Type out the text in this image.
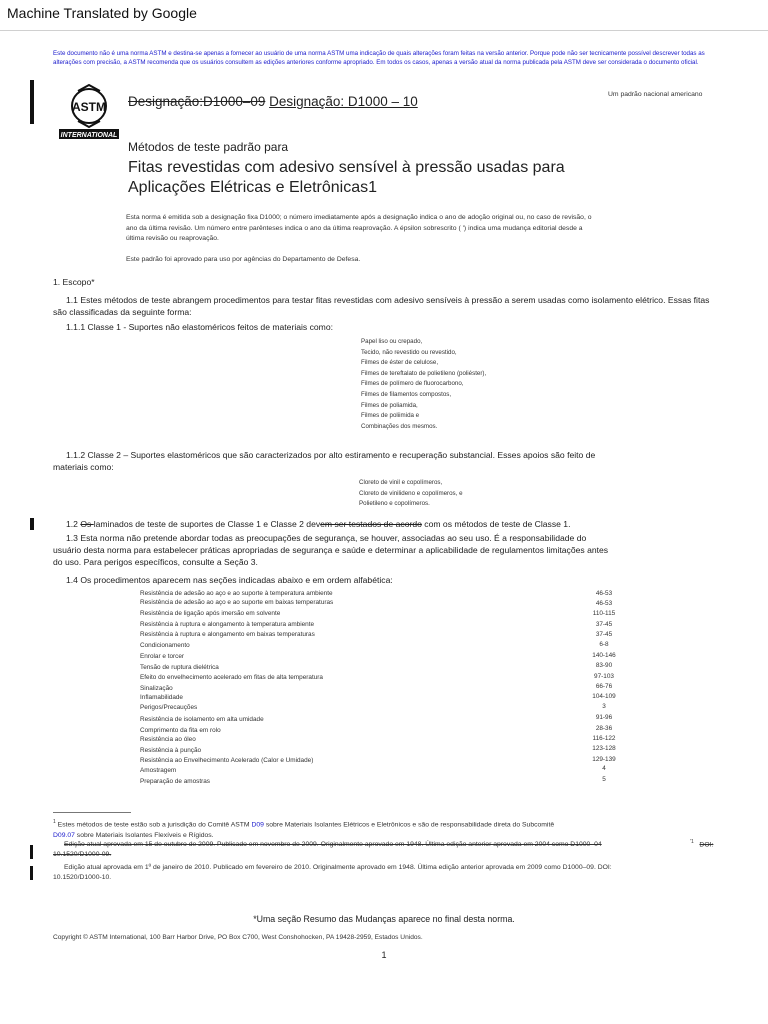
Machine Translated by Google
Este documento não é uma norma ASTM e destina-se apenas a fornecer ao usuário de uma norma ASTM uma indicação de quais alterações foram feitas na versão anterior. Porque pode não ser tecnicamente possível descrever todas as alterações com precisão, a ASTM recomenda que os usuários consultem as edições anteriores conforme apropriado. Em todos os casos, apenas a versão atual da norma publicada pela ASTM deve ser considerada o documento oficial.
ASTM
INTERNATIONAL
Designação:D1000–09 Designação: D1000 – 10	Um padrão nacional americano
Métodos de teste padrão para
Fitas revestidas com adesivo sensível à pressão usadas para
Aplicações Elétricas e Eletrônicas1
Esta norma é emitida sob a designação fixa D1000; o número imediatamente após a designação indica o ano de adoção original ou, no caso de revisão, o ano da última revisão. Um número entre parênteses indica o ano da última reaprovação. A épsilon sobrescrito ( ') indica uma mudança editorial desde a última revisão ou reaprovação.
Este padrão foi aprovado para uso por agências do Departamento de Defesa.
1. Escopo*
1.1 Estes métodos de teste abrangem procedimentos para testar fitas revestidas com adesivo sensíveis à pressão a serem usadas como isolamento elétrico. Essas fitas são classificadas da seguinte forma:
1.1.1 Classe 1 - Suportes não elastoméricos feitos de materiais como:
Papel liso ou crepado,
Tecido, não revestido ou revestido,
Filmes de éster de celulose,
Filmes de tereftalato de polietileno (poliéster),
Filmes de polímero de fluorocarbono,
Filmes de filamentos compostos,
Filmes de poliamida,
Filmes de poliimida e
Combinações dos mesmos.
1.1.2 Classe 2 – Suportes elastoméricos que são caracterizados por alto estiramento e recuperação substancial. Esses apoios são feito de materiais como:
Cloreto de vinil e copolímeros,
Cloreto de vinilideno e copolímeros, e
Polietileno e copolímeros.
1.2 Os laminados de teste de suportes de Classe 1 e Classe 2 devem ser testados de acordo com os métodos de teste de Classe 1.
1.3 Esta norma não pretende abordar todas as preocupações de segurança, se houver, associadas ao seu uso. É a responsabilidade do usuário desta norma para estabelecer práticas apropriadas de segurança e saúde e determinar a aplicabilidade de regulamentos limitações antes do uso. Para perigos específicos, consulte a Seção 3.
1.4 Os procedimentos aparecem nas seções indicadas abaixo e em ordem alfabética:
Resistência de adesão ao aço e ao suporte à temperatura ambiente	46-53
Resistência de adesão ao aço e ao suporte em baixas temperaturas	46-53
Resistência de ligação após imersão em solvente	110-115
Resistência à ruptura e alongamento à temperatura ambiente	37-45
Resistência à ruptura e alongamento em baixas temperaturas	37-45
Condicionamento	6-8
Enrolar e torcer	140-146
Tensão de ruptura dielétrica	83-90
Efeito do envelhecimento acelerado em fitas de alta temperatura	97-103
Sinalização	66-76
Inflamabilidade	104-109
Perigos/Precauções	3
Resistência de isolamento em alta umidade	91-96
Comprimento da fita em rolo	28-36
Resistência ao óleo	116-122
Resistência à punção	123-128
Resistência ao Envelhecimento Acelerado (Calor e Umidade)	129-139
Amostragem	4
Preparação de amostras	5
$^1$ Estes métodos de teste estão sob a jurisdição do Comitê ASTM D09 sobre Materiais Isolantes Elétricos e Eletrônicos e são de responsabilidade direta do Subcomitê
D09.07 sobre Materiais Isolantes Flexíveis e Rígidos.
Edição atual aprovada em 15 de outubro de 2009. Publicado em novembro de 2009. Originalmente aprovado em 1948. Última edição anterior aprovada em 2004 como D1000–04	$^{'1}$ DOI:
10.1520/D1000-09.
Edição atual aprovada em 1º de janeiro de 2010. Publicado em fevereiro de 2010. Originalmente aprovado em 1948. Última edição anterior aprovada em 2009 como D1000–09. DOI:
10.1520/D1000-10.
*Uma seção Resumo das Mudanças aparece no final desta norma.
Copyright © ASTM International, 100 Barr Harbor Drive, PO Box C700, West Conshohocken, PA 19428-2959, Estados Unidos.
1
